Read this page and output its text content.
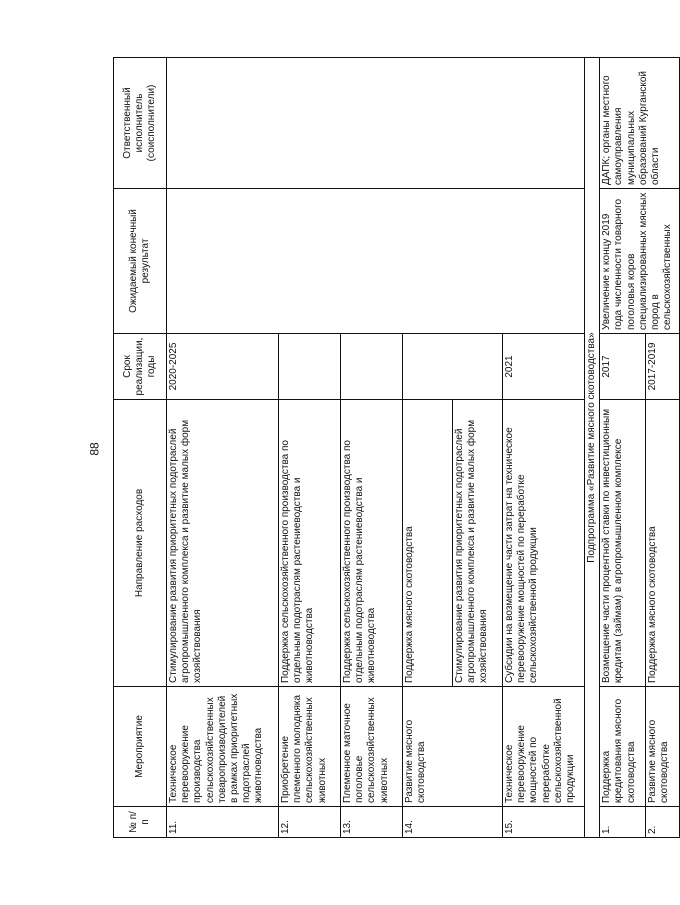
88
№ п/п	Мероприятие	Направление расходов	Срок реализации, годы	Ожидаемый конечный результат	Ответственный исполнитель (соисполнители)
11.	Техническое перевооружение производства сельскохозяйственных товаропроизводителей в рамках приоритетных подотраслей животноводства	Стимулирование развития приоритетных подотраслей агропромышленного комплекса и развитие малых форм хозяйствования	2020-2025		
12.	Приобретение племенного молодняка сельскохозяйственных животных	Поддержка сельскохозяйственного производства по отдельным подотраслям растениеводства и животноводства			
13.	Племенное маточное поголовье сельскохозяйственных животных	Поддержка сельскохозяйственного производства по отдельным подотраслям растениеводства и животноводства			
14.	Развитие мясного скотоводства	Поддержка мясного скотоводства			
		Стимулирование развития приоритетных подотраслей агропромышленного комплекса и развитие малых форм хозяйствования			
15.	Техническое перевооружение мощностей по переработке сельскохозяйственной продукции	Субсидии на возмещение части затрат на техническое перевооружение мощностей по переработке сельскохозяйственной продукции	2021		
Подпрограмма «Развитие мясного скотоводства»					
1.	Поддержка кредитования мясного скотоводства	Возмещение части процентной ставки по инвестиционным кредитам (займам) в агропромышленном комплексе	2017	Увеличение к концу 2019 года численности товарного поголовья коров специализированных мясных пород в сельскохозяйственных	ДАПК; органы местного самоуправления муниципальных образований Курганской области
2.	Развитие мясного скотоводства	Поддержка мясного скотоводства	2017-2019		
